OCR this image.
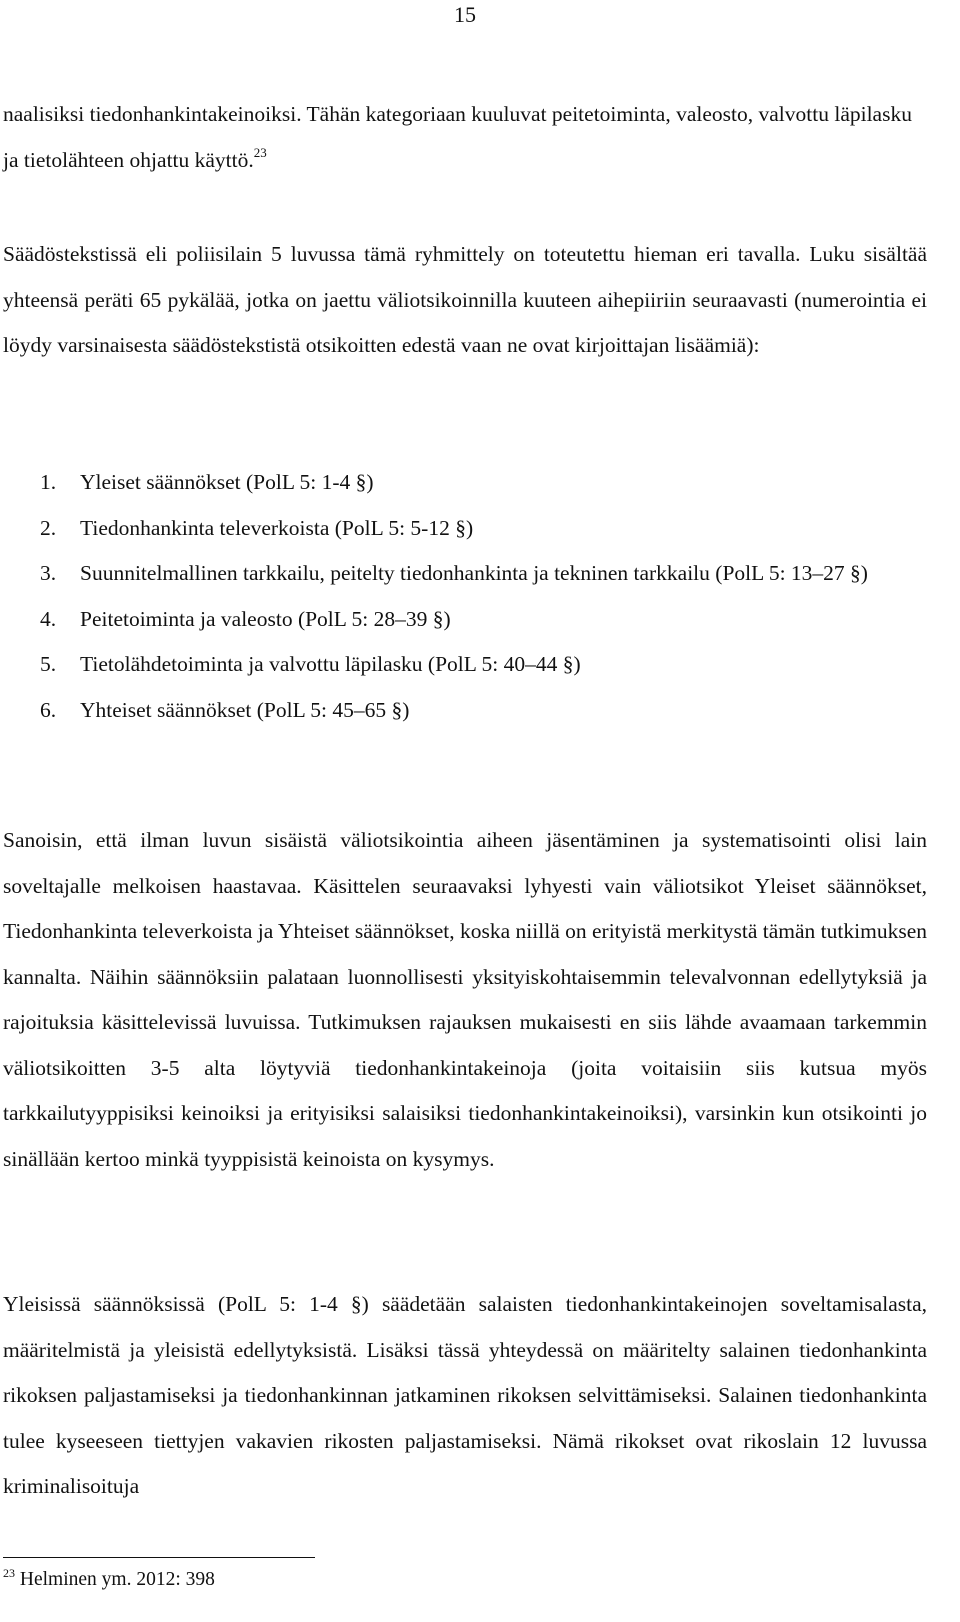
15

naalisiksi tiedonhankintakeinoiksi. Tähän kategoriaan kuuluvat peitetoiminta, valeosto, valvottu läpilasku ja tietolähteen ohjattu käyttö.$^{23}$

Säädöstekstissä eli poliisilain 5 luvussa tämä ryhmittely on toteutettu hieman eri tavalla. Luku sisältää yhteensä peräti 65 pykälää, jotka on jaettu väliotsikoinnilla kuuteen aihepiiriin seuraavasti (numerointia ei löydy varsinaisesta säädöstekstistä otsikoitten edestä vaan ne ovat kirjoittajan lisäämiä):

1.	Yleiset säännökset (PolL 5: 1-4 §)
2.	Tiedonhankinta televerkoista (PolL 5: 5-12 §)
3.	Suunnitelmallinen tarkkailu, peitelty tiedonhankinta ja tekninen tarkkailu (PolL 5: 13–27 §)
4.	Peitetoiminta ja valeosto (PolL 5: 28–39 §)
5.	Tietolähdetoiminta ja valvottu läpilasku (PolL 5: 40–44 §)
6.	Yhteiset säännökset (PolL 5: 45–65 §)

Sanoisin, että ilman luvun sisäistä väliotsikointia aiheen jäsentäminen ja systematisointi olisi lain soveltajalle melkoisen haastavaa. Käsittelen seuraavaksi lyhyesti vain väliotsikot Yleiset säännökset, Tiedonhankinta televerkoista ja Yhteiset säännökset, koska niillä on erityistä merkitystä tämän tutkimuksen kannalta. Näihin säännöksiin palataan luonnollisesti yksityiskohtaisemmin televalvonnan edellytyksiä ja rajoituksia käsittelevissä luvuissa. Tutkimuksen rajauksen mukaisesti en siis lähde avaamaan tarkemmin väliotsikoitten 3-5 alta löytyviä tiedonhankintakeinoja (joita voitaisiin siis kutsua myös tarkkailutyyppisiksi keinoiksi ja erityisiksi salaisiksi tiedonhankintakeinoiksi), varsinkin kun otsikointi jo sinällään kertoo minkä tyyppisistä keinoista on kysymys.

Yleisissä säännöksissä (PolL 5: 1-4 §) säädetään salaisten tiedonhankintakeinojen soveltamisalasta, määritelmistä ja yleisistä edellytyksistä. Lisäksi tässä yhteydessä on määritelty salainen tiedonhankinta rikoksen paljastamiseksi ja tiedonhankinnan jatkaminen rikoksen selvittämiseksi. Salainen tiedonhankinta tulee kyseeseen tiettyjen vakavien rikosten paljastamiseksi. Nämä rikokset ovat rikoslain 12 luvussa kriminalisoituja

$^{23}$ Helminen ym. 2012: 398
